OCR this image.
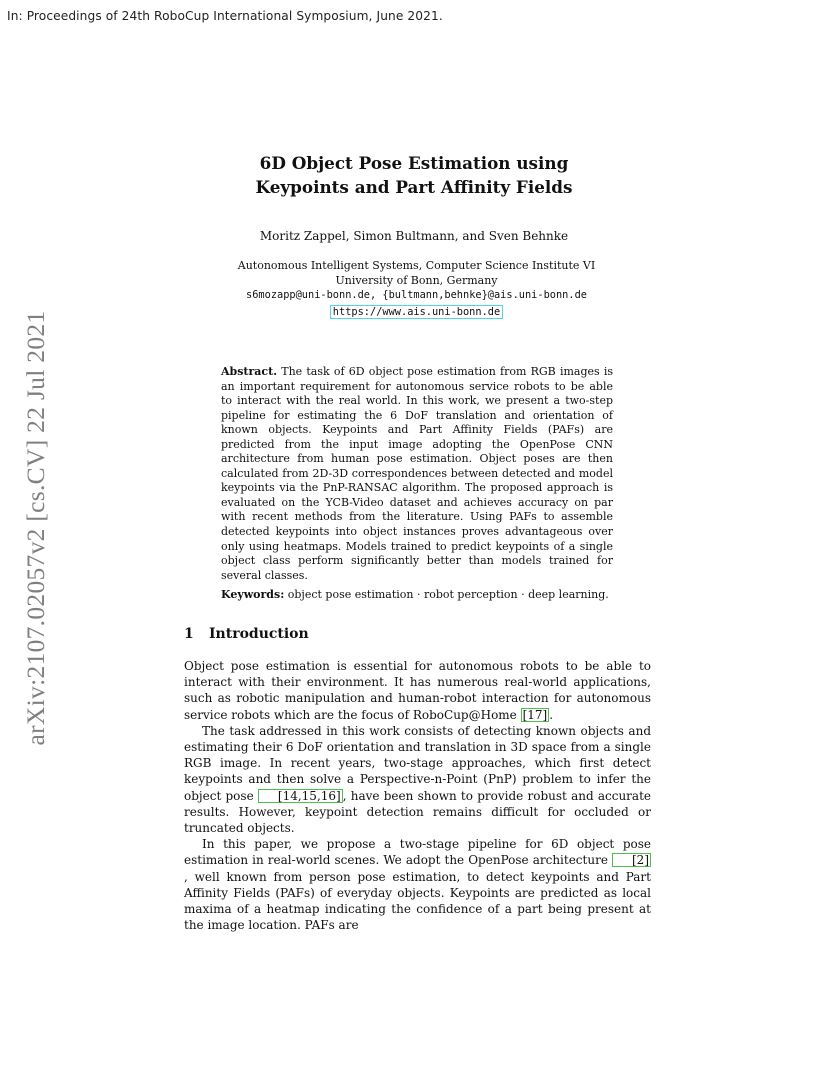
In: Proceedings of 24th RoboCup International Symposium, June 2021.
arXiv:2107.02057v2 [cs.CV] 22 Jul 2021
6D Object Pose Estimation using
Keypoints and Part Affinity Fields
Moritz Zappel, Simon Bultmann, and Sven Behnke
Autonomous Intelligent Systems, Computer Science Institute VI
University of Bonn, Germany
s6mozapp@uni-bonn.de, {bultmann,behnke}@ais.uni-bonn.de
https://www.ais.uni-bonn.de
Abstract. The task of 6D object pose estimation from RGB images is an important requirement for autonomous service robots to be able to interact with the real world. In this work, we present a two-step pipeline for estimating the 6 DoF translation and orientation of known objects. Keypoints and Part Affinity Fields (PAFs) are predicted from the input image adopting the OpenPose CNN architecture from human pose estimation. Object poses are then calculated from 2D-3D correspondences between detected and model keypoints via the PnP-RANSAC algorithm. The proposed approach is evaluated on the YCB-Video dataset and achieves accuracy on par with recent methods from the literature. Using PAFs to assemble detected keypoints into object instances proves advantageous over only using heatmaps. Models trained to predict keypoints of a single object class perform significantly better than models trained for several classes.
Keywords: object pose estimation · robot perception · deep learning.
1 Introduction

Object pose estimation is essential for autonomous robots to be able to interact with their environment. It has numerous real-world applications, such as robotic manipulation and human-robot interaction for autonomous service robots which are the focus of RoboCup@Home [17] .

The task addressed in this work consists of detecting known objects and estimating their 6 DoF orientation and translation in 3D space from a single RGB image. In recent years, two-stage approaches, which first detect keypoints and then solve a Perspective-n-Point (PnP) problem to infer the object pose [14,15,16] , have been shown to provide robust and accurate results. However, keypoint detection remains difficult for occluded or truncated objects.

In this paper, we propose a two-stage pipeline for 6D object pose estimation in real-world scenes. We adopt the OpenPose architecture [2], well known from person pose estimation, to detect keypoints and Part Affinity Fields (PAFs) of everyday objects. Keypoints are predicted as local maxima of a heatmap indicating the confidence of a part being present at the image location. PAFs are
